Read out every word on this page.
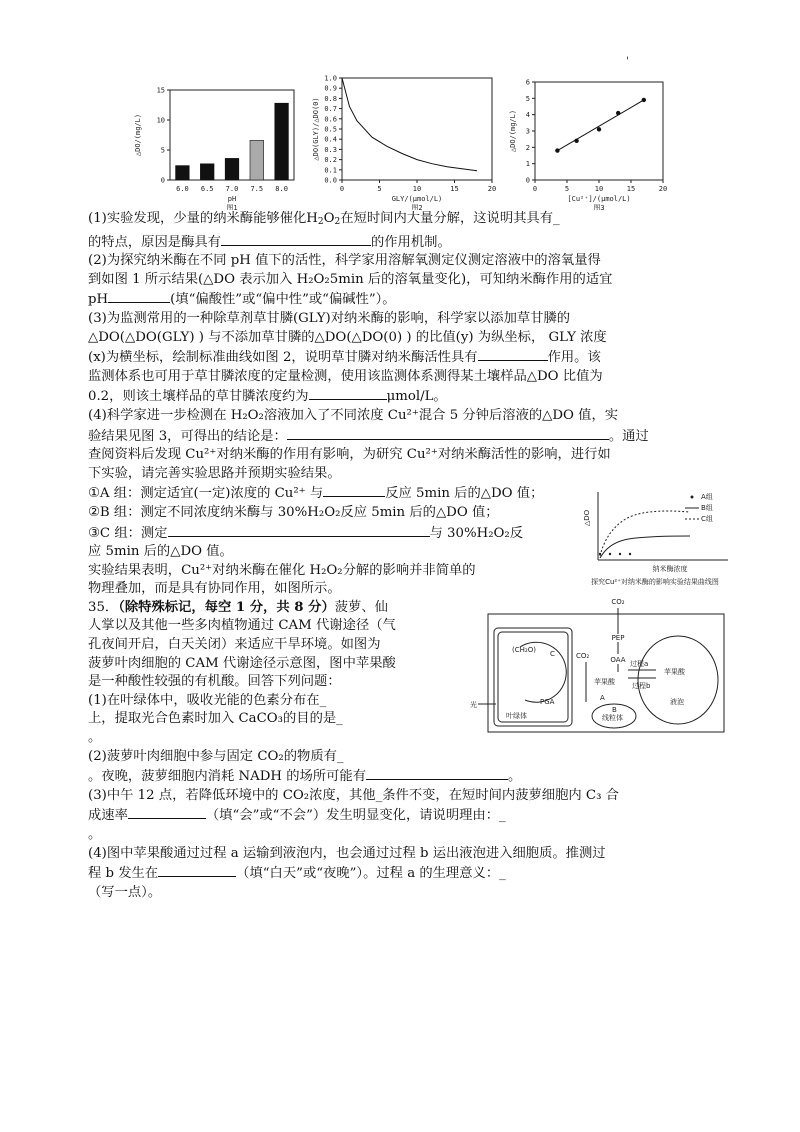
0
5
10
15
pH
图1
△DO/(mg/L)
6.0 6.5 7.0 7.5 8.0
0.0
0.1
0.2
0.3
0.4
0.5
0.6
0.7
0.8
0.9
1.0
0	5	10	15	20
GLY/(μmol/L)
图2
△DO(GLY)/△DO(0)
0
1
2
3
4
5
6
0	5	10	15	20
[Cu²⁺]/(μmol/L)
图3
△DO/(mg/L)

(1)实验发现，少量的纳米酶能够催化$H_2O_2$在短时间内大量分解，这说明其具有_

的特点，原因是酶具有	的作用机制。

(2)为探究纳米酶在不同 pH 值下的活性，科学家用溶解氧测定仪测定溶液中的溶氧量得

到如图 1 所示结果(△DO 表示加入 H₂O₂5min 后的溶氧量变化)，可知纳米酶作用的适宜

pH	(填“偏酸性”或“偏中性”或“偏碱性”）。

(3)为监测常用的一种除草剂草甘膦(GLY)对纳米酶的影响，科学家以添加草甘膦的

△DO(△DO(GLY) ) 与不添加草甘膦的△DO(△DO(0) ) 的比值(y) 为纵坐标， GLY 浓度

(x)为横坐标，绘制标准曲线如图 2，说明草甘膦对纳米酶活性具有	作用。该

监测体系也可用于草甘膦浓度的定量检测，使用该监测体系测得某土壤样品△DO 比值为

0.2，则该土壤样品的草甘膦浓度约为	μmol/L。

(4)科学家进一步检测在 H₂O₂溶液加入了不同浓度 Cu²⁺混合 5 分钟后溶液的△DO 值，实

验结果见图 3，可得出的结论是：	。通过

查阅资料后发现 Cu²⁺对纳米酶的作用有影响，为研究 Cu²⁺对纳米酶活性的影响，进行如

下实验，请完善实验思路并预期实验结果。

①A 组：测定适宜(一定)浓度的 Cu²⁺ 与	反应 5min 后的△DO 值；

②B 组：测定不同浓度纳米酶与 30%H₂O₂反应 5min 后的△DO 值；

③C 组：测定	与 30%H₂O₂反

应 5min 后的△DO 值。

实验结果表明，Cu²⁺对纳米酶在催化 H₂O₂分解的影响并非简单的

物理叠加，而是具有协同作用，如图所示。

35．（除特殊标记，每空 1 分，共 8 分）菠萝、仙

人掌以及其他一些多肉植物通过 CAM 代谢途径（气

孔夜间开启，白天关闭）来适应干旱环境。如图为

菠萝叶肉细胞的 CAM 代谢途径示意图，图中苹果酸

是一种酸性较强的有机酸。回答下列问题：

(1)在叶绿体中，吸收光能的色素分布在_

上，提取光合色素时加入 CaCO₃的目的是_

。

(2)菠萝叶肉细胞中参与固定 CO₂的物质有_

。夜晚，菠萝细胞内消耗 NADH 的场所可能有	。

(3)中午 12 点，若降低环境中的 CO₂浓度，其他_条件不变，在短时间内菠萝细胞内 C₃ 合

成速率	（填“会”或“不会”）发生明显变化，请说明理由：_

。

(4)图中苹果酸通过过程 a 运输到液泡内，也会通过过程 b 运出液泡进入细胞质。推测过

程 b 发生在	（填“白天”或“夜晚”）。过程 a 的生理意义：_

（写一点）。

△DO
A组
B组
C组
纳米酶浓度
探究Cu²⁺对纳米酶的影响实验结果曲线图
CO₂
PEP
OAA
(CH₂O) C	CO₂
PGA
苹果酸
过程a
过程b
苹果酸
液泡
光
叶绿体	线粒体
A
B
'
